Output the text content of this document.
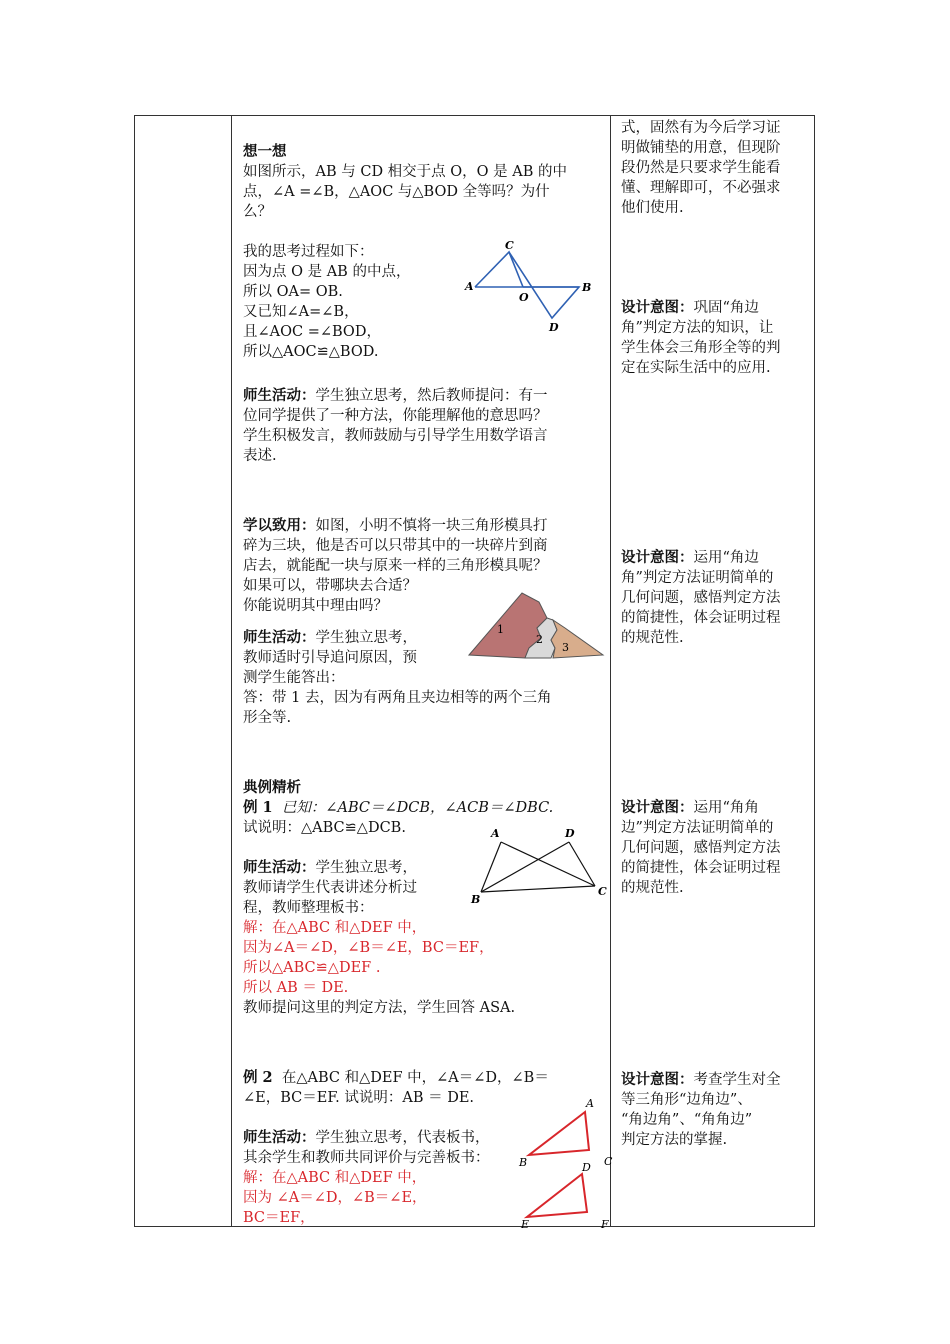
想一想
如图所示，AB 与 CD 相交于点 O，O 是 AB 的中
点，∠A =∠B，△AOC 与△BOD 全等吗？为什
么？
我的思考过程如下：
因为点 O 是 AB 的中点，
所以 OA= OB.
又已知∠A=∠B，
且∠AOC =∠BOD，
所以△AOC≌△BOD.
C
A
O
B
D
师生活动：学生独立思考，然后教师提问：有一
位同学提供了一种方法，你能理解他的意思吗？
学生积极发言，教师鼓励与引导学生用数学语言
表述.
学以致用：如图，小明不慎将一块三角形模具打
碎为三块，他是否可以只带其中的一块碎片到商
店去，就能配一块与原来一样的三角形模具呢？
如果可以，带哪块去合适？
你能说明其中理由吗？
师生活动：学生独立思考，
教师适时引导追问原因，预
测学生能答出：
答：带 1 去，因为有两角且夹边相等的两个三角
形全等.
1
2
3
典例精析
例 1 已知：∠ABC＝∠DCB，∠ACB＝∠DBC.
试说明：△ABC≌△DCB.
师生活动：学生独立思考，
教师请学生代表讲述分析过
程，教师整理板书：
解：在△ABC 和△DEF 中，
因为∠A＝∠D，∠B＝∠E，BC＝EF，
所以△ABC≌△DEF .
所以 AB ＝ DE.
教师提问这里的判定方法，学生回答 ASA.
A	D
B
C
例 2 在△ABC 和△DEF 中，∠A＝∠D，∠B＝
∠E，BC＝EF. 试说明：AB ＝ DE.
师生活动：学生独立思考，代表板书，
其余学生和教师共同评价与完善板书：
解：在△ABC 和△DEF 中，
因为 ∠A＝∠D，∠B＝∠E，
BC＝EF，
A
B	C
D
E	F
式，固然有为今后学习证
明做铺垫的用意，但现阶
段仍然是只要求学生能看
懂、理解即可，不必强求
他们使用.
设计意图：巩固“角边
角”判定方法的知识，让
学生体会三角形全等的判
定在实际生活中的应用.
设计意图：运用“角边
角”判定方法证明简单的
几何问题，感悟判定方法
的简捷性，体会证明过程
的规范性.
设计意图：运用“角角
边”判定方法证明简单的
几何问题，感悟判定方法
的简捷性，体会证明过程
的规范性.
设计意图：考查学生对全
等三角形“边角边”、
“角边角”、“角角边”
判定方法的掌握.
